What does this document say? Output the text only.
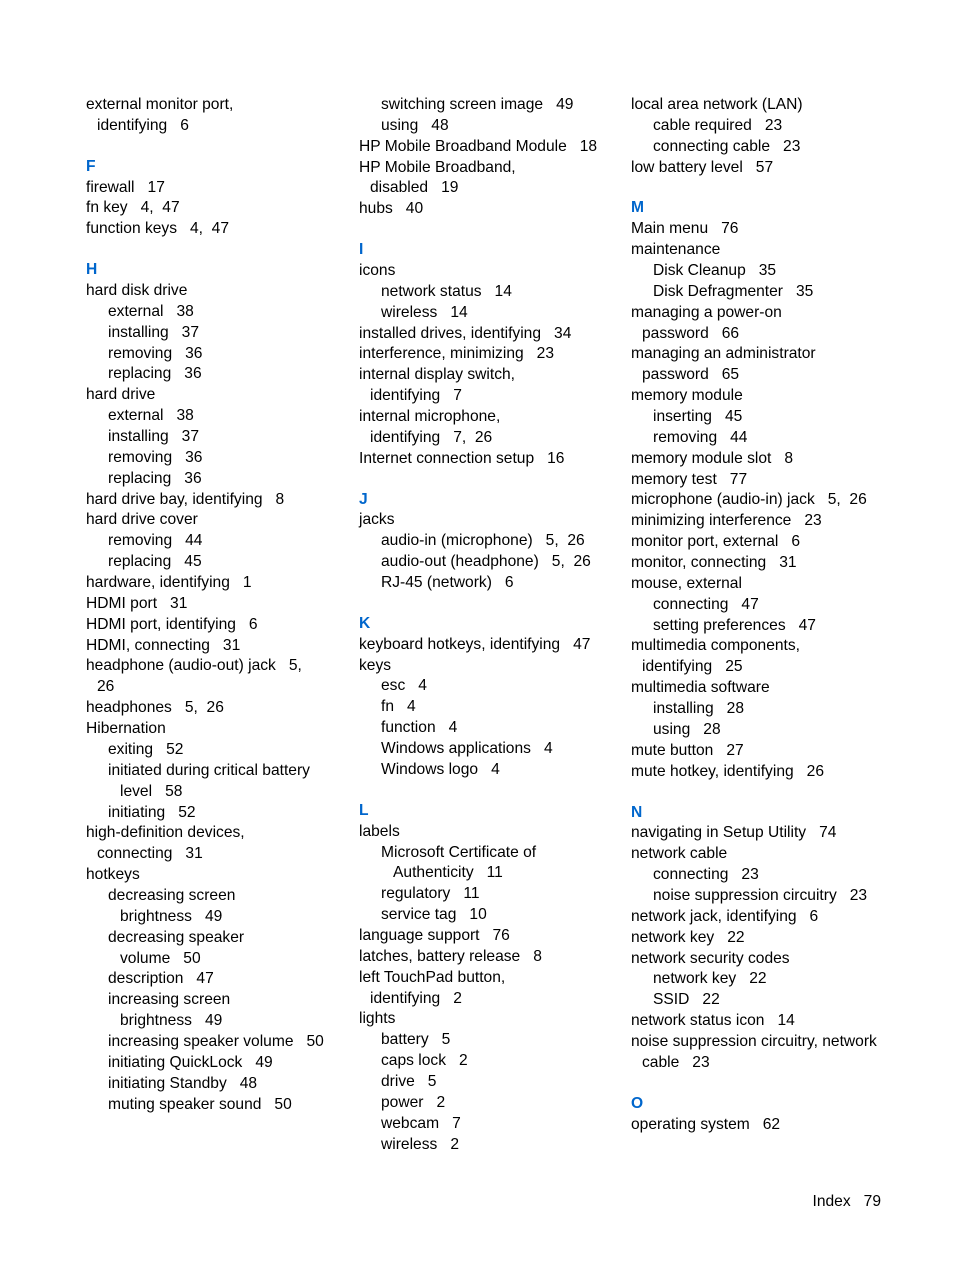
external monitor port,
identifying   6
F
firewall   17
fn key   4,  47
function keys   4,  47
H
hard disk drive
external   38
installing   37
removing   36
replacing   36
hard drive
external   38
installing   37
removing   36
replacing   36
hard drive bay, identifying   8
hard drive cover
removing   44
replacing   45
hardware, identifying   1
HDMI port   31
HDMI port, identifying   6
HDMI, connecting   31
headphone (audio-out) jack   5,
26
headphones   5,  26
Hibernation
exiting   52
initiated during critical battery
level   58
initiating   52
high-definition devices,
connecting   31
hotkeys
decreasing screen
brightness   49
decreasing speaker
volume   50
description   47
increasing screen
brightness   49
increasing speaker volume   50
initiating QuickLock   49
initiating Standby   48
muting speaker sound   50
switching screen image   49
using   48
HP Mobile Broadband Module   18
HP Mobile Broadband,
disabled   19
hubs   40
I
icons
network status   14
wireless   14
installed drives, identifying   34
interference, minimizing   23
internal display switch,
identifying   7
internal microphone,
identifying   7,  26
Internet connection setup   16
J
jacks
audio-in (microphone)   5,  26
audio-out (headphone)   5,  26
RJ-45 (network)   6
K
keyboard hotkeys, identifying   47
keys
esc   4
fn   4
function   4
Windows applications   4
Windows logo   4
L
labels
Microsoft Certificate of
Authenticity   11
regulatory   11
service tag   10
language support   76
latches, battery release   8
left TouchPad button,
identifying   2
lights
battery   5
caps lock   2
drive   5
power   2
webcam   7
wireless   2
local area network (LAN)
cable required   23
connecting cable   23
low battery level   57
M
Main menu   76
maintenance
Disk Cleanup   35
Disk Defragmenter   35
managing a power-on
password   66
managing an administrator
password   65
memory module
inserting   45
removing   44
memory module slot   8
memory test   77
microphone (audio-in) jack   5,  26
minimizing interference   23
monitor port, external   6
monitor, connecting   31
mouse, external
connecting   47
setting preferences   47
multimedia components,
identifying   25
multimedia software
installing   28
using   28
mute button   27
mute hotkey, identifying   26
N
navigating in Setup Utility   74
network cable
connecting   23
noise suppression circuitry   23
network jack, identifying   6
network key   22
network security codes
network key   22
SSID   22
network status icon   14
noise suppression circuitry, network
cable   23
O
operating system   62
Index 79
